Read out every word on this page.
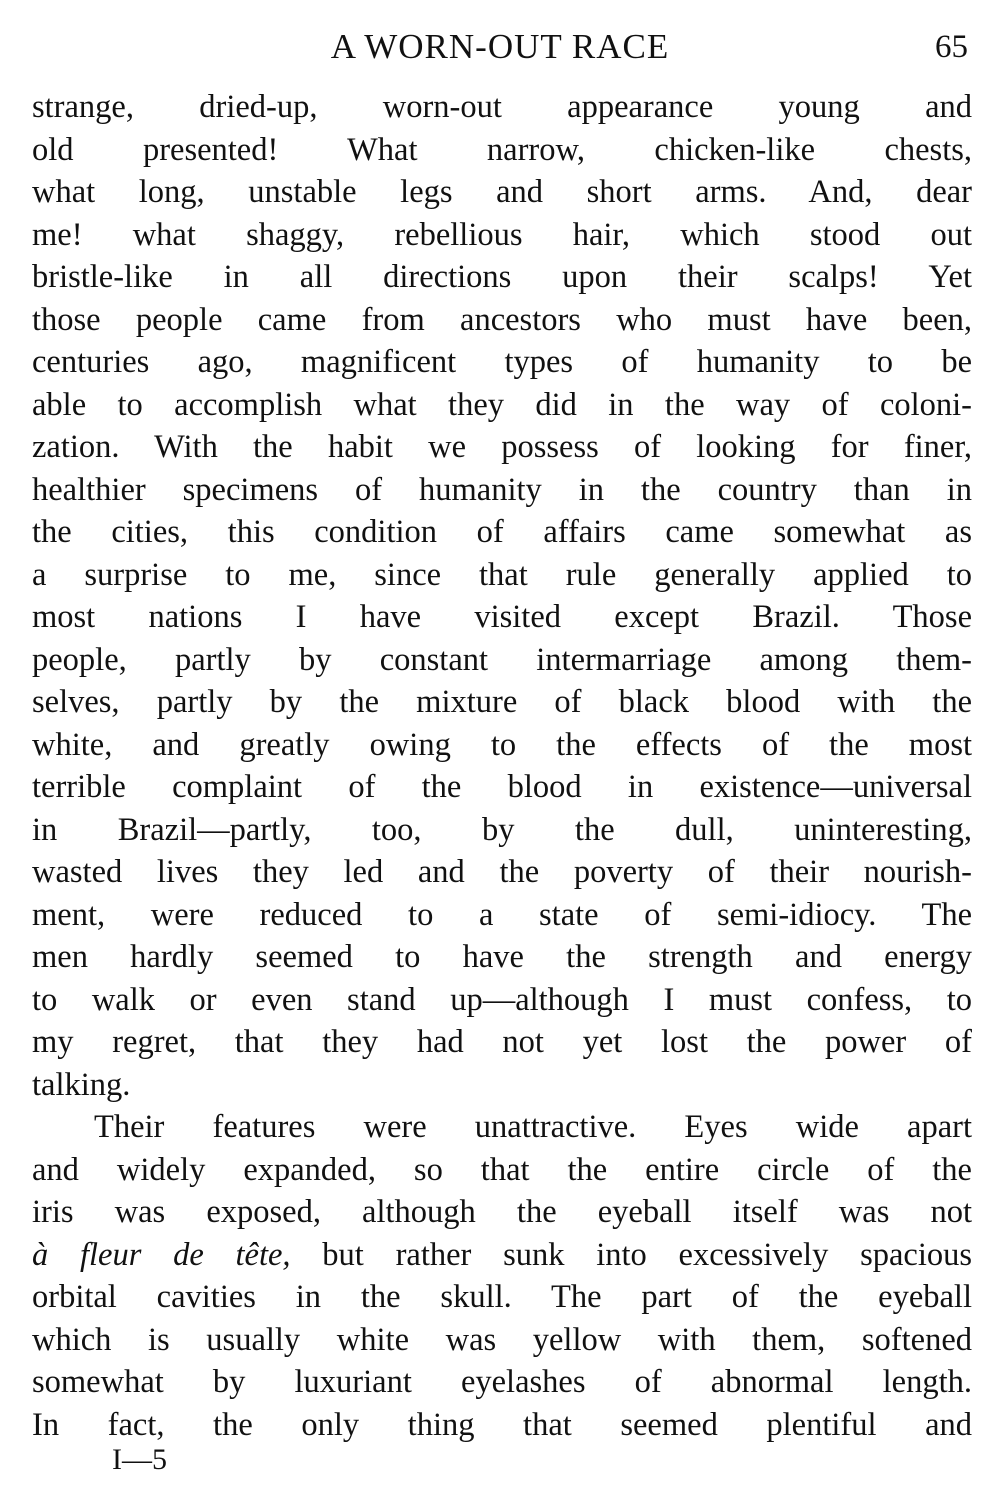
A WORN-OUT RACE	65
strange, dried-up, worn-out appearance young and
old presented! What narrow, chicken-like chests,
what long, unstable legs and short arms. And, dear
me! what shaggy, rebellious hair, which stood out
bristle-like in all directions upon their scalps! Yet
those people came from ancestors who must have been,
centuries ago, magnificent types of humanity to be
able to accomplish what they did in the way of coloni-
zation. With the habit we possess of looking for finer,
healthier specimens of humanity in the country than in
the cities, this condition of affairs came somewhat as
a surprise to me, since that rule generally applied to
most nations I have visited except Brazil. Those
people, partly by constant intermarriage among them-
selves, partly by the mixture of black blood with the
white, and greatly owing to the effects of the most
terrible complaint of the blood in existence—universal
in Brazil—partly, too, by the dull, uninteresting,
wasted lives they led and the poverty of their nourish-
ment, were reduced to a state of semi-idiocy. The
men hardly seemed to have the strength and energy
to walk or even stand up—although I must confess, to
my regret, that they had not yet lost the power of
talking.
Their features were unattractive. Eyes wide apart
and widely expanded, so that the entire circle of the
iris was exposed, although the eyeball itself was not
à fleur de tête, but rather sunk into excessively spacious
orbital cavities in the skull. The part of the eyeball
which is usually white was yellow with them, softened
somewhat by luxuriant eyelashes of abnormal length.
In fact, the only thing that seemed plentiful and
I—5
